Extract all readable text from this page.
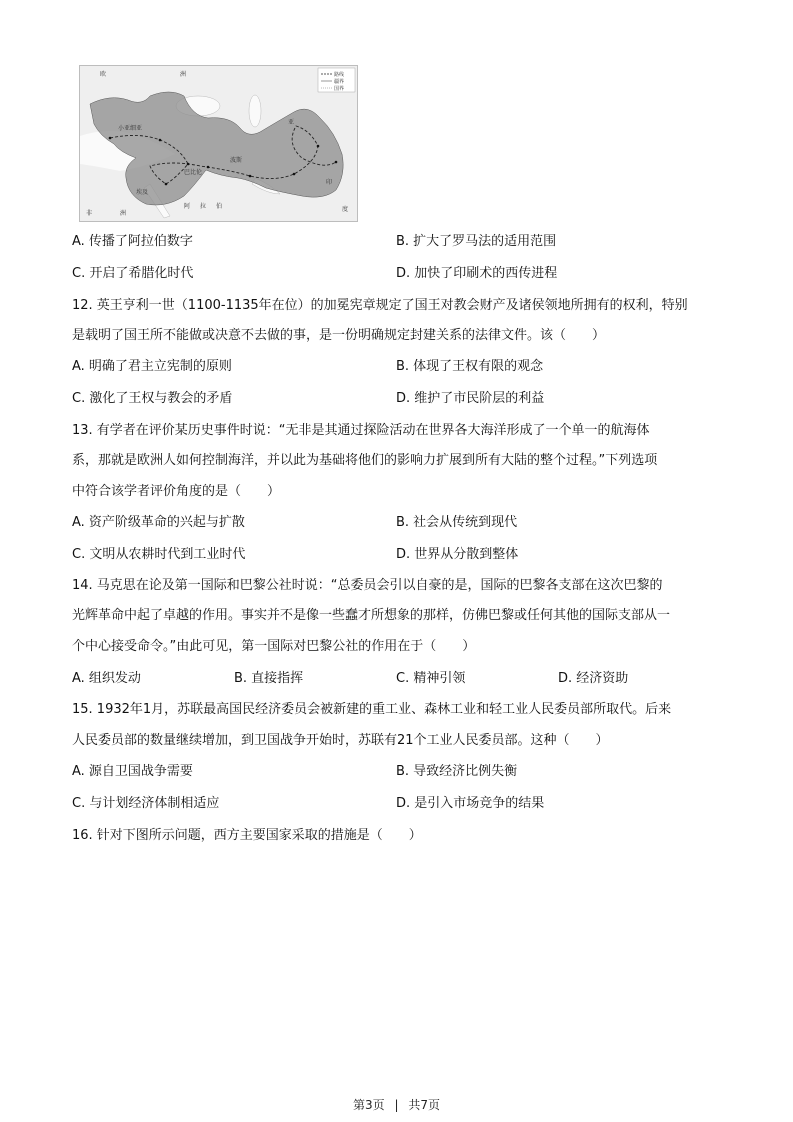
欧	洲
亚
印
度
非	洲
阿 拉 伯
巴比伦
小亚细亚
波斯
埃及
路线
疆界
国界
A. 传播了阿拉伯数字	B. 扩大了罗马法的适用范围
C. 开启了希腊化时代	D. 加快了印刷术的西传进程
12. 英王亨利一世（1100-1135年在位）的加冕宪章规定了国王对教会财产及诸侯领地所拥有的权利，特别
是载明了国王所不能做或决意不去做的事，是一份明确规定封建关系的法律文件。该（　　）
A. 明确了君主立宪制的原则	B. 体现了王权有限的观念
C. 激化了王权与教会的矛盾	D. 维护了市民阶层的利益
13. 有学者在评价某历史事件时说：“无非是其通过探险活动在世界各大海洋形成了一个单一的航海体
系，那就是欧洲人如何控制海洋，并以此为基础将他们的影响力扩展到所有大陆的整个过程。”下列选项
中符合该学者评价角度的是（　　）
A. 资产阶级革命的兴起与扩散	B. 社会从传统到现代
C. 文明从农耕时代到工业时代	D. 世界从分散到整体
14. 马克思在论及第一国际和巴黎公社时说：“总委员会引以自豪的是，国际的巴黎各支部在这次巴黎的
光辉革命中起了卓越的作用。事实并不是像一些蠢才所想象的那样，仿佛巴黎或任何其他的国际支部从一
个中心接受命令。”由此可见，第一国际对巴黎公社的作用在于（　　）
A. 组织发动	B. 直接指挥	C. 精神引领	D. 经济资助
15. 1932年1月，苏联最高国民经济委员会被新建的重工业、森林工业和轻工业人民委员部所取代。后来
人民委员部的数量继续增加，到卫国战争开始时，苏联有21个工业人民委员部。这种（　　）
A. 源自卫国战争需要	B. 导致经济比例失衡
C. 与计划经济体制相适应	D. 是引入市场竞争的结果
16. 针对下图所示问题，西方主要国家采取的措施是（　　）
第3页 | 共7页
